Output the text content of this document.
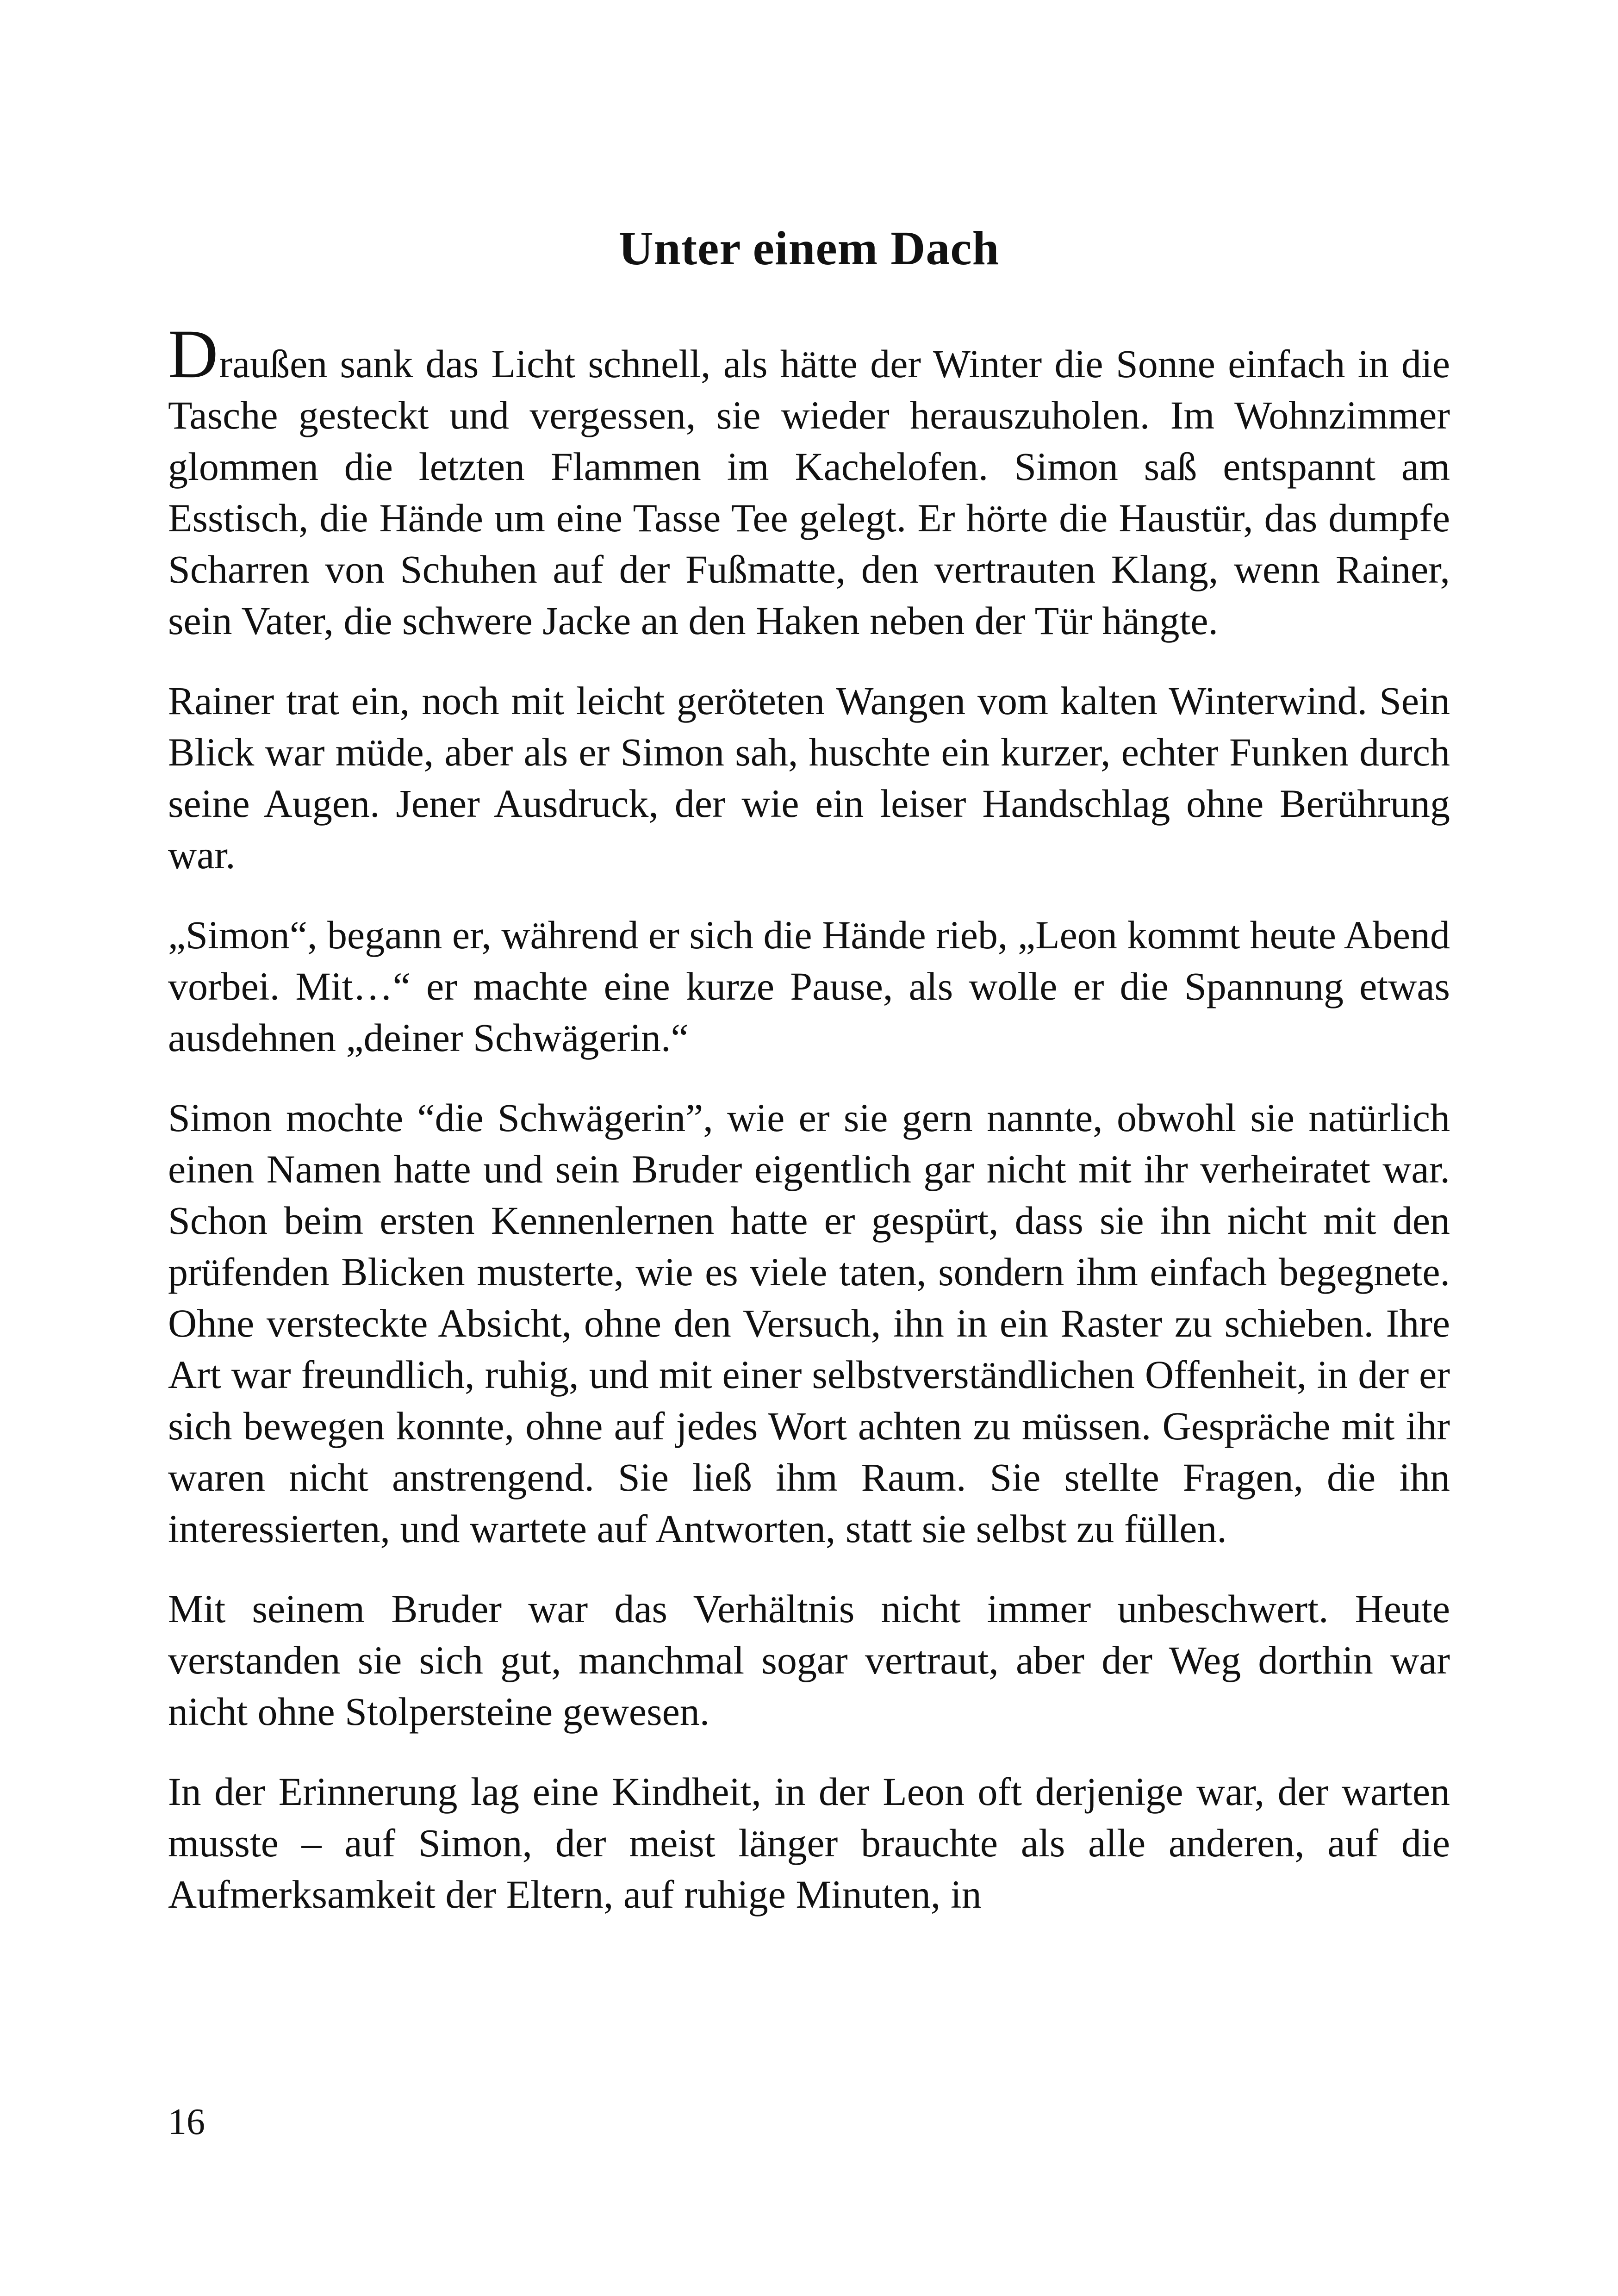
Unter einem Dach

Draußen sank das Licht schnell, als hätte der Winter die Sonne einfach in die Tasche gesteckt und vergessen, sie wieder herauszuholen. Im Wohnzimmer glommen die letzten Flammen im Kachelofen. Simon saß entspannt am Esstisch, die Hände um eine Tasse Tee gelegt. Er hörte die Haustür, das dumpfe Scharren von Schuhen auf der Fußmatte, den vertrauten Klang, wenn Rainer, sein Vater, die schwere Jacke an den Haken neben der Tür hängte.

Rainer trat ein, noch mit leicht geröteten Wangen vom kalten Winterwind. Sein Blick war müde, aber als er Simon sah, huschte ein kurzer, echter Funken durch seine Augen. Jener Ausdruck, der wie ein leiser Handschlag ohne Berührung war.

„Simon“, begann er, während er sich die Hände rieb, „Leon kommt heute Abend vorbei. Mit…“ er machte eine kurze Pause, als wolle er die Spannung etwas ausdehnen „deiner Schwägerin.“

Simon mochte “die Schwägerin”, wie er sie gern nannte, obwohl sie natürlich einen Namen hatte und sein Bruder eigentlich gar nicht mit ihr verheiratet war. Schon beim ersten Kennenlernen hatte er gespürt, dass sie ihn nicht mit den prüfenden Blicken musterte, wie es viele taten, sondern ihm einfach begegnete. Ohne versteckte Absicht, ohne den Versuch, ihn in ein Raster zu schieben. Ihre Art war freundlich, ruhig, und mit einer selbstverständlichen Offenheit, in der er sich bewegen konnte, ohne auf jedes Wort achten zu müssen. Gespräche mit ihr waren nicht anstrengend. Sie ließ ihm Raum. Sie stellte Fragen, die ihn interessierten, und wartete auf Antworten, statt sie selbst zu füllen.

Mit seinem Bruder war das Verhältnis nicht immer unbeschwert. Heute verstanden sie sich gut, manchmal sogar vertraut, aber der Weg dorthin war nicht ohne Stolpersteine gewesen.

In der Erinnerung lag eine Kindheit, in der Leon oft derjenige war, der warten musste – auf Simon, der meist länger brauchte als alle anderen, auf die Aufmerksamkeit der Eltern, auf ruhige Minuten, in

16
